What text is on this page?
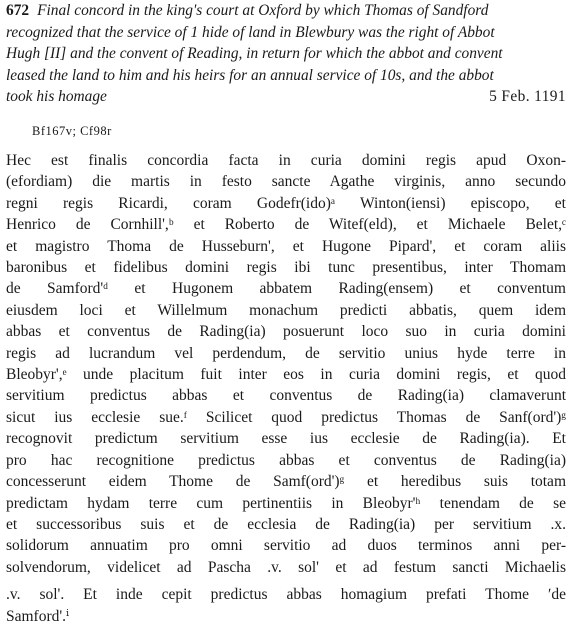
672 Final concord in the king's court at Oxford by which Thomas of Sandford
recognized that the service of 1 hide of land in Blewbury was the right of Abbot
Hugh [II] and the convent of Reading, in return for which the abbot and convent
leased the land to him and his heirs for an annual service of 10s, and the abbot
took his homage	5 Feb. 1191
Bf167v; Cf98r
Hec est finalis concordia facta in curia domini regis apud Oxon-
(efordiam) die martis in festo sancte Agathe virginis, anno secundo
regni regis Ricardi, coram Godefr(ido)ᵃ Winton(iensi) episcopo, et
Henrico de Cornhill',ᵇ et Roberto de Witef(eld), et Michaele Belet,ᶜ
et magistro Thoma de Husseburn', et Hugone Pipard', et coram aliis
baronibus et fidelibus domini regis ibi tunc presentibus, inter Thomam
de Samford'ᵈ et Hugonem abbatem Rading(ensem) et conventum
eiusdem loci et Willelmum monachum predicti abbatis, quem idem
abbas et conventus de Rading(ia) posuerunt loco suo in curia domini
regis ad lucrandum vel perdendum, de servitio unius hyde terre in
Bleobyr',ᵉ unde placitum fuit inter eos in curia domini regis, et quod
servitium predictus abbas et conventus de Rading(ia) clamaverunt
sicut ius ecclesie sue.ᶠ Scilicet quod predictus Thomas de Sanf(ord')ᵍ
recognovit predictum servitium esse ius ecclesie de Rading(ia). Et
pro hac recognitione predictus abbas et conventus de Rading(ia)
concesserunt eidem Thome de Samf(ord')ᵍ et heredibus suis totam
predictam hydam terre cum pertinentiis in Bleobyr'ʰ tenendam de se
et successoribus suis et de ecclesia de Rading(ia) per servitium .x.
solidorum annuatim pro omni servitio ad duos terminos anni per-
solvendorum, videlicet ad Pascha .v. sol' et ad festum sancti Michaelis
.v. sol'. Et inde cepit predictus abbas homagium prefati Thome ʹde
Samford'.ⁱ
